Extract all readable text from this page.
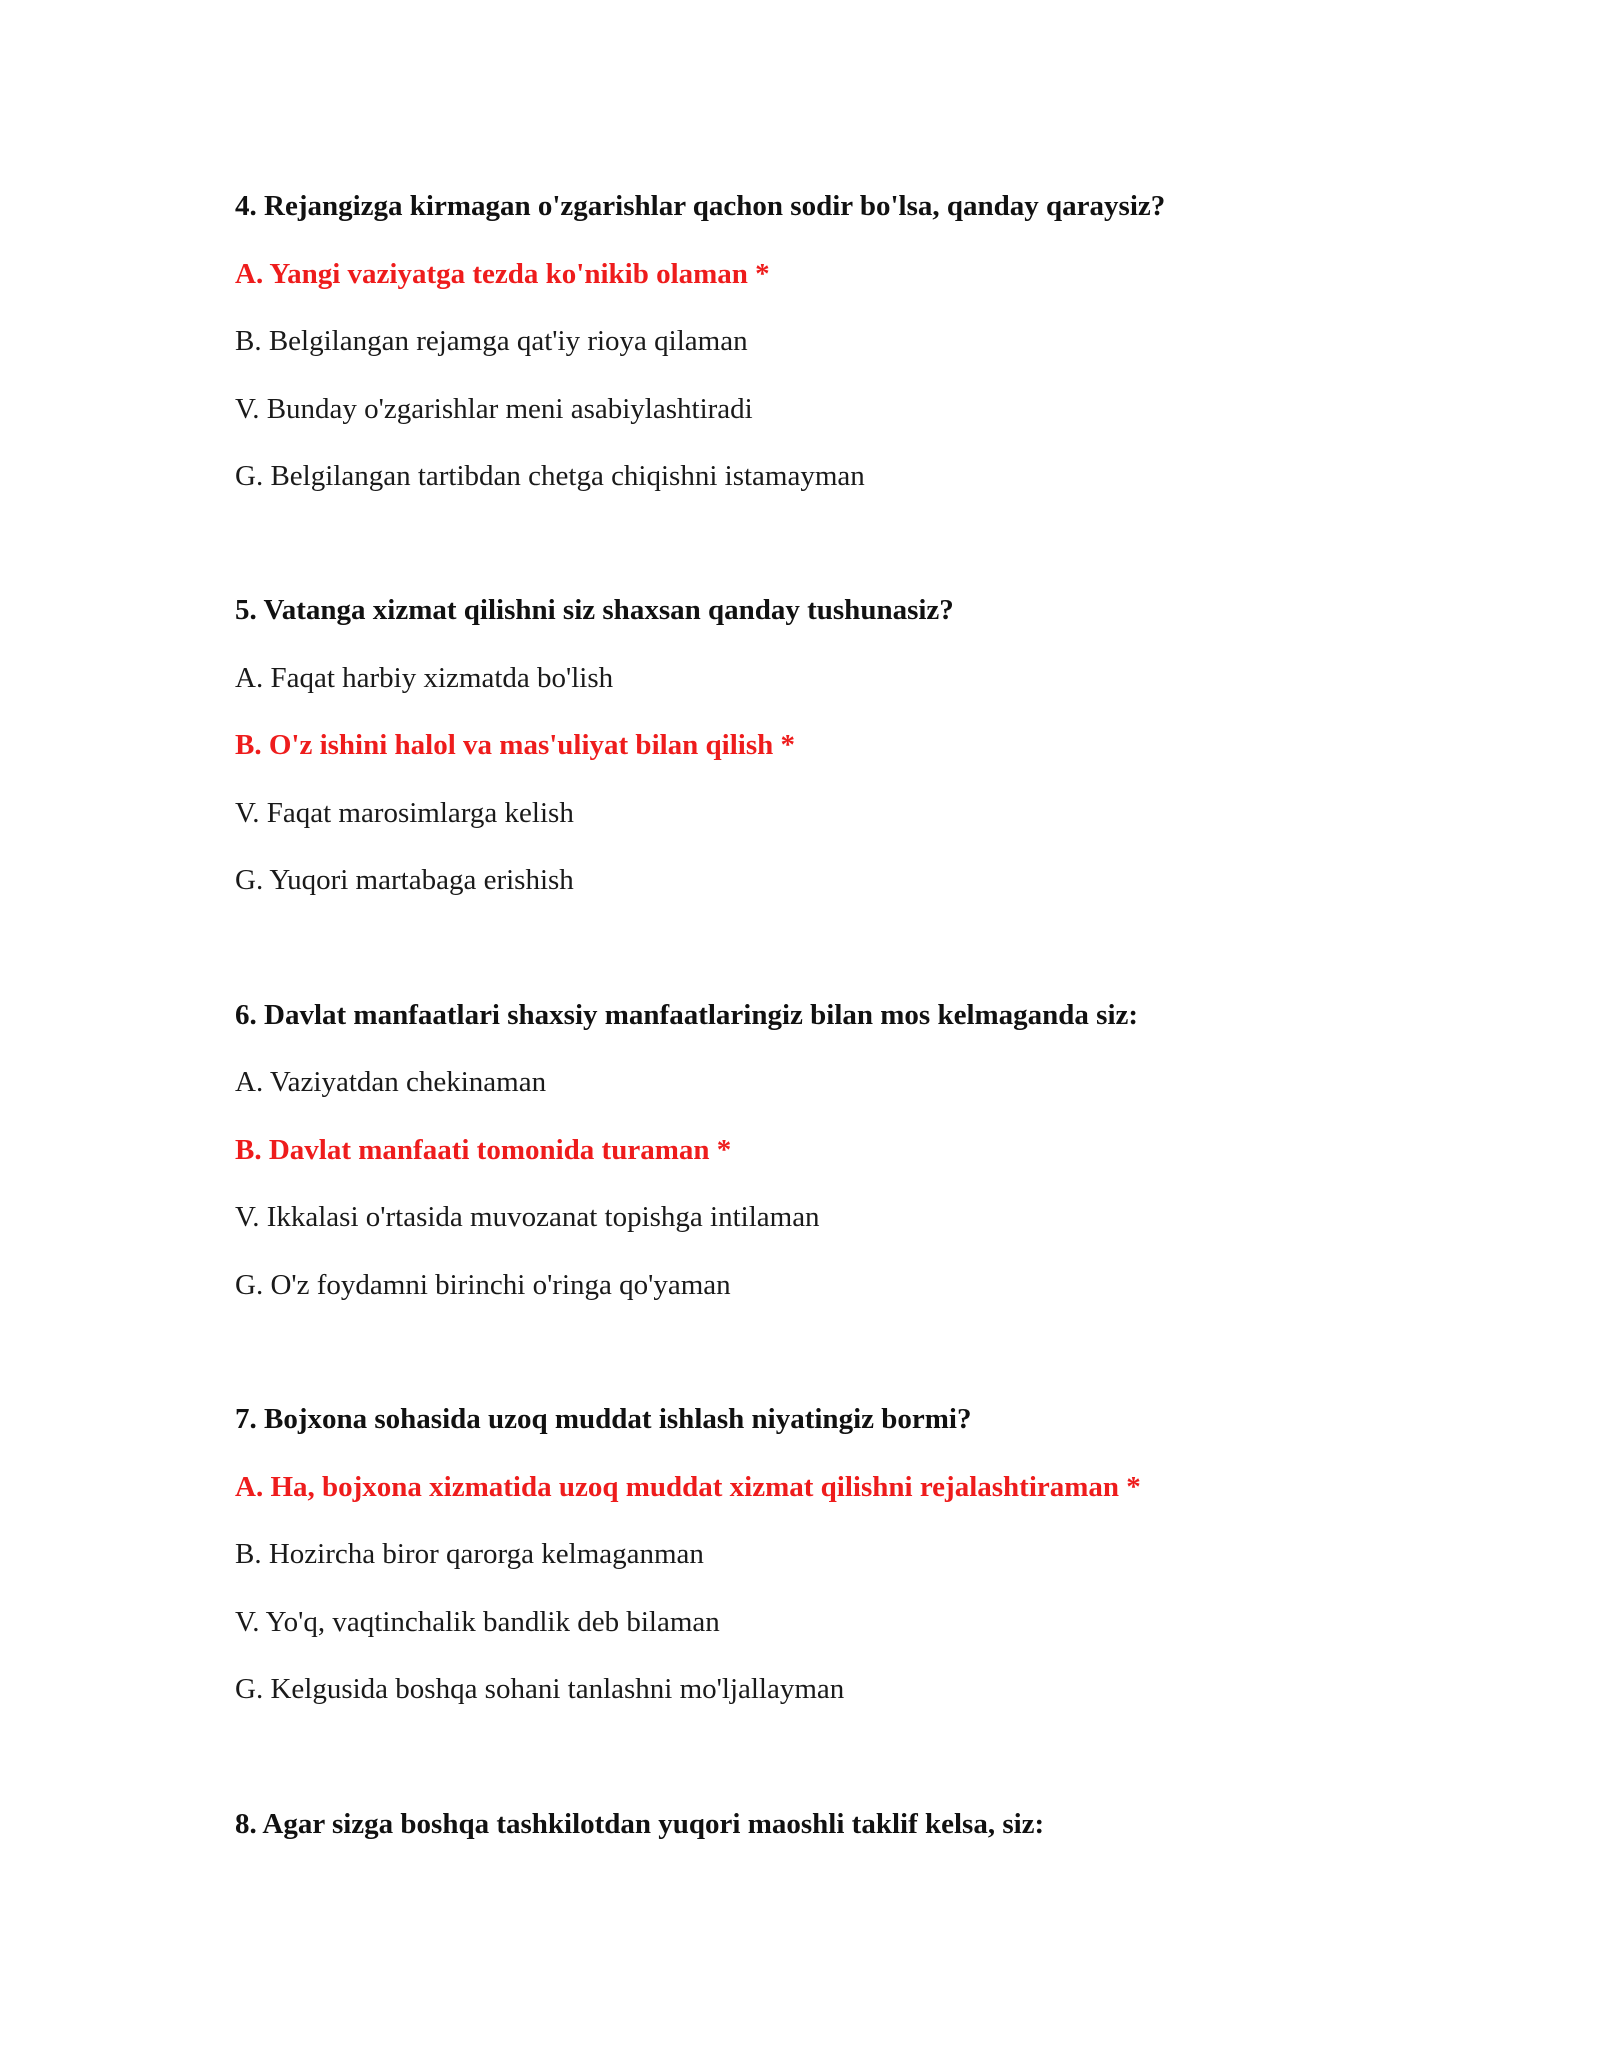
4. Rejangizga kirmagan o'zgarishlar qachon sodir bo'lsa, qanday qaraysiz?
A. Yangi vaziyatga tezda ko'nikib olaman *
B. Belgilangan rejamga qat'iy rioya qilaman
V. Bunday o'zgarishlar meni asabiylashtiradi
G. Belgilangan tartibdan chetga chiqishni istamayman
5. Vatanga xizmat qilishni siz shaxsan qanday tushunasiz?
A. Faqat harbiy xizmatda bo'lish
B. O'z ishini halol va mas'uliyat bilan qilish *
V. Faqat marosimlarga kelish
G. Yuqori martabaga erishish
6. Davlat manfaatlari shaxsiy manfaatlaringiz bilan mos kelmaganda siz:
A. Vaziyatdan chekinaman
B. Davlat manfaati tomonida turaman *
V. Ikkalasi o'rtasida muvozanat topishga intilaman
G. O'z foydamni birinchi o'ringa qo'yaman
7. Bojxona sohasida uzoq muddat ishlash niyatingiz bormi?
A. Ha, bojxona xizmatida uzoq muddat xizmat qilishni rejalashtiraman *
B. Hozircha biror qarorga kelmaganman
V. Yo'q, vaqtinchalik bandlik deb bilaman
G. Kelgusida boshqa sohani tanlashni mo'ljallayman
8. Agar sizga boshqa tashkilotdan yuqori maoshli taklif kelsa, siz:
